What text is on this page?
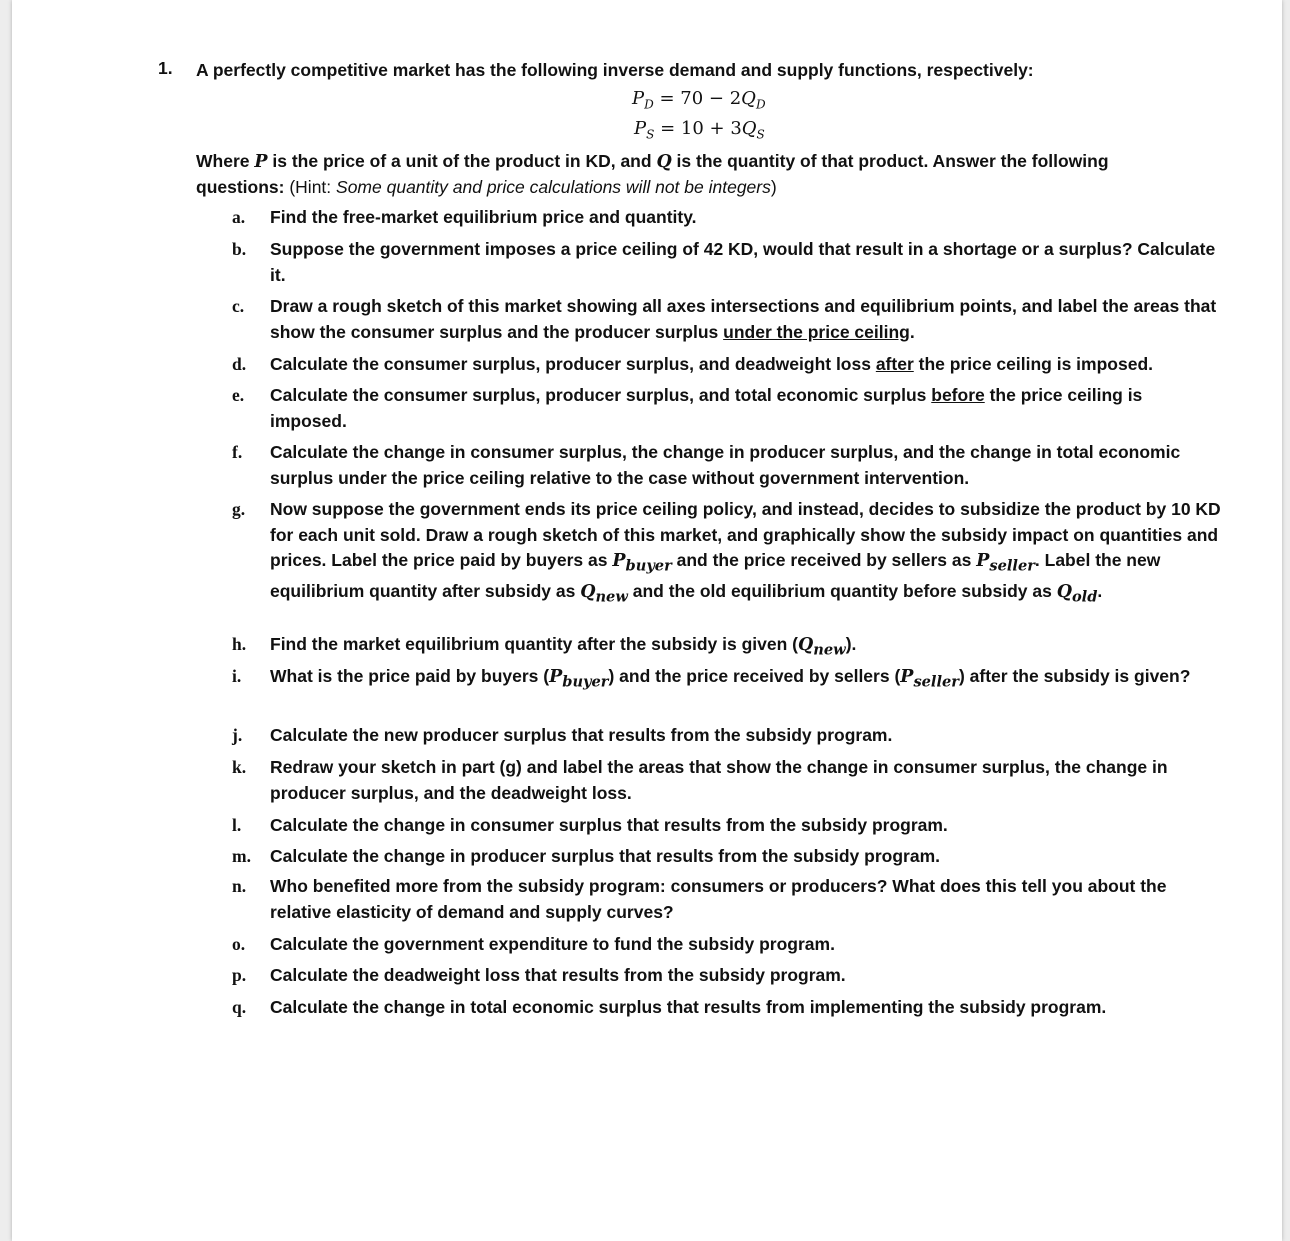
1. A perfectly competitive market has the following inverse demand and supply functions, respectively:
$P_D = 70 - 2Q_D$
$P_S = 10 + 3Q_S$
Where P is the price of a unit of the product in KD, and Q is the quantity of that product. Answer the following questions: (Hint: Some quantity and price calculations will not be integers)
a.	Find the free-market equilibrium price and quantity.
b.	Suppose the government imposes a price ceiling of 42 KD, would that result in a shortage or a surplus? Calculate it.
c.	Draw a rough sketch of this market showing all axes intersections and equilibrium points, and label the areas that show the consumer surplus and the producer surplus under the price ceiling.
d.	Calculate the consumer surplus, producer surplus, and deadweight loss after the price ceiling is imposed.
e.	Calculate the consumer surplus, producer surplus, and total economic surplus before the price ceiling is imposed.
f.	Calculate the change in consumer surplus, the change in producer surplus, and the change in total economic surplus under the price ceiling relative to the case without government intervention.
g.	Now suppose the government ends its price ceiling policy, and instead, decides to subsidize the product by 10 KD for each unit sold. Draw a rough sketch of this market, and graphically show the subsidy impact on quantities and prices. Label the price paid by buyers as $P_{buyer}$ and the price received by sellers as $P_{seller}$. Label the new equilibrium quantity after subsidy as $Q_{new}$ and the old equilibrium quantity before subsidy as $Q_{old}$.
h.	Find the market equilibrium quantity after the subsidy is given $(Q_{new})$.
i.	What is the price paid by buyers $(P_{buyer})$ and the price received by sellers $(P_{seller})$ after the subsidy is given?
j.	Calculate the new producer surplus that results from the subsidy program.
k.	Redraw your sketch in part (g) and label the areas that show the change in consumer surplus, the change in producer surplus, and the deadweight loss.
l.	Calculate the change in consumer surplus that results from the subsidy program.
m.	Calculate the change in producer surplus that results from the subsidy program.
n.	Who benefited more from the subsidy program: consumers or producers? What does this tell you about the relative elasticity of demand and supply curves?
o.	Calculate the government expenditure to fund the subsidy program.
p.	Calculate the deadweight loss that results from the subsidy program.
q.	Calculate the change in total economic surplus that results from implementing the subsidy program.
